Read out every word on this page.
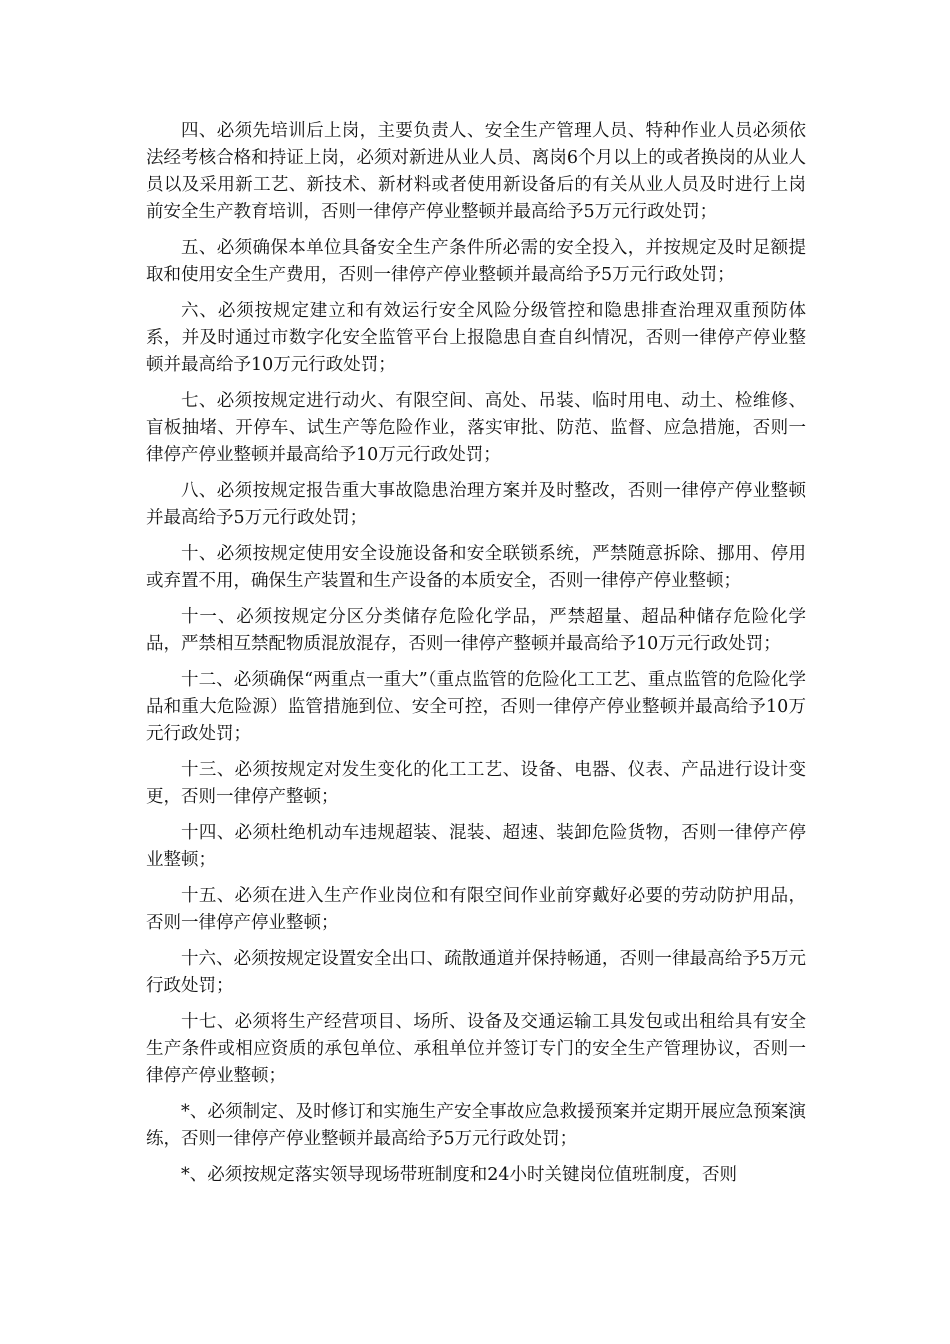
四、必须先培训后上岗，主要负责人、安全生产管理人员、特种作业人员必须依法经考核合格和持证上岗，必须对新进从业人员、离岗6个月以上的或者换岗的从业人员以及采用新工艺、新技术、新材料或者使用新设备后的有关从业人员及时进行上岗前安全生产教育培训，否则一律停产停业整顿并最高给予5万元行政处罚；

五、必须确保本单位具备安全生产条件所必需的安全投入，并按规定及时足额提取和使用安全生产费用，否则一律停产停业整顿并最高给予5万元行政处罚；

六、必须按规定建立和有效运行安全风险分级管控和隐患排查治理双重预防体系，并及时通过市数字化安全监管平台上报隐患自查自纠情况，否则一律停产停业整顿并最高给予10万元行政处罚；

七、必须按规定进行动火、有限空间、高处、吊装、临时用电、动土、检维修、盲板抽堵、开停车、试生产等危险作业，落实审批、防范、监督、应急措施，否则一律停产停业整顿并最高给予10万元行政处罚；

八、必须按规定报告重大事故隐患治理方案并及时整改，否则一律停产停业整顿并最高给予5万元行政处罚；

十、必须按规定使用安全设施设备和安全联锁系统，严禁随意拆除、挪用、停用或弃置不用，确保生产装置和生产设备的本质安全，否则一律停产停业整顿；

十一、必须按规定分区分类储存危险化学品，严禁超量、超品种储存危险化学品，严禁相互禁配物质混放混存，否则一律停产整顿并最高给予10万元行政处罚；

十二、必须确保“两重点一重大”（重点监管的危险化工工艺、重点监管的危险化学品和重大危险源）监管措施到位、安全可控，否则一律停产停业整顿并最高给予10万元行政处罚；

十三、必须按规定对发生变化的化工工艺、设备、电器、仪表、产品进行设计变更，否则一律停产整顿；

十四、必须杜绝机动车违规超装、混装、超速、装卸危险货物，否则一律停产停业整顿；

十五、必须在进入生产作业岗位和有限空间作业前穿戴好必要的劳动防护用品，否则一律停产停业整顿；

十六、必须按规定设置安全出口、疏散通道并保持畅通，否则一律最高给予5万元行政处罚；

十七、必须将生产经营项目、场所、设备及交通运输工具发包或出租给具有安全生产条件或相应资质的承包单位、承租单位并签订专门的安全生产管理协议，否则一律停产停业整顿；

*、必须制定、及时修订和实施生产安全事故应急救援预案并定期开展应急预案演练，否则一律停产停业整顿并最高给予5万元行政处罚；

*、必须按规定落实领导现场带班制度和24小时关键岗位值班制度，否则
